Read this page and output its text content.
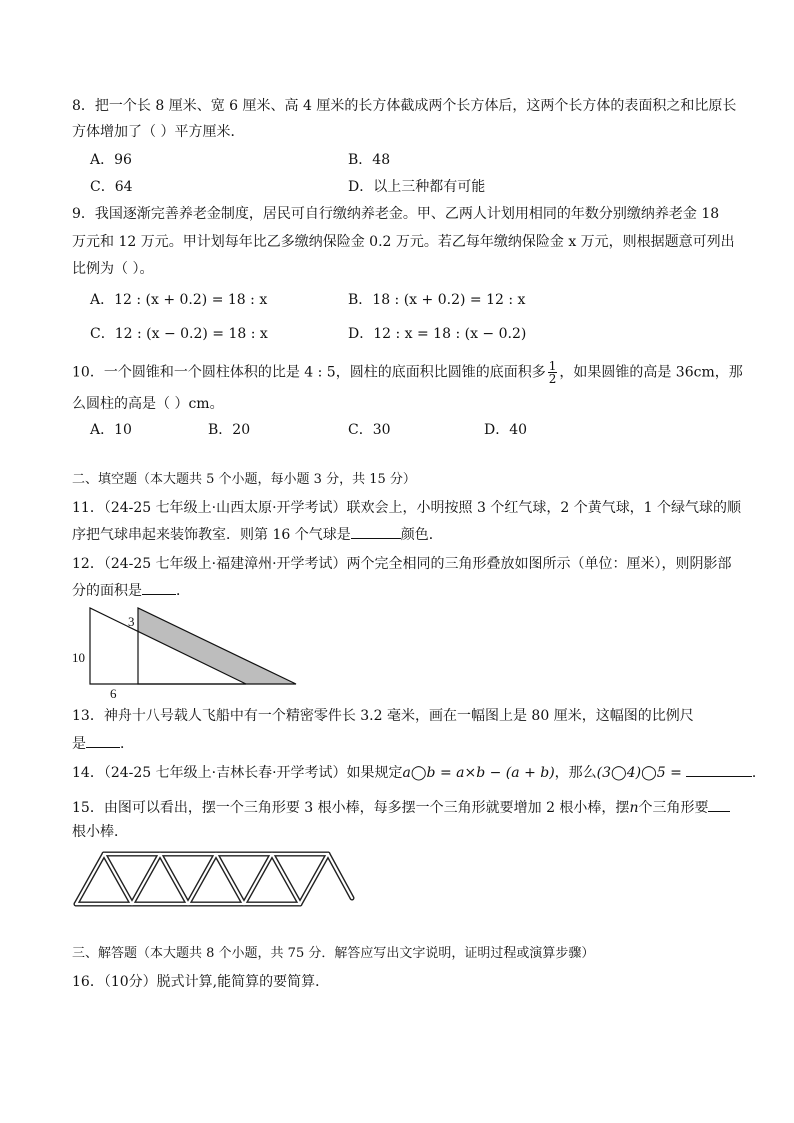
8．把一个长 8 厘米、宽 6 厘米、高 4 厘米的长方体截成两个长方体后，这两个长方体的表面积之和比原长
方体增加了（ ）平方厘米．
A．96	B．48
C．64	D．以上三种都有可能
9．我国逐渐完善养老金制度，居民可自行缴纳养老金。甲、乙两人计划用相同的年数分别缴纳养老金 18
万元和 12 万元。甲计划每年比乙多缴纳保险金 0.2 万元。若乙每年缴纳保险金 x 万元，则根据题意可列出
比例为（ ）。
A．12 : (x + 0.2) = 18 : x	B．18 : (x + 0.2) = 12 : x
C．12 : (x − 0.2) = 18 : x	D．12 : x = 18 : (x − 0.2)
10．一个圆锥和一个圆柱体积的比是 4 : 5，圆柱的底面积比圆锥的底面积多 $\frac{1}{2}$ ，如果圆锥的高是 36cm，那
么圆柱的高是（ ）cm。
A．10	B．20	C．30	D．40
二、填空题（本大题共 5 个小题，每小题 3 分，共 15 分）
11．（24-25 七年级上·山西太原·开学考试）联欢会上，小明按照 3 个红气球，2 个黄气球，1 个绿气球的顺
序把气球串起来装饰教室．则第 16 个气球是	颜色．
12．（24-25 七年级上·福建漳州·开学考试）两个完全相同的三角形叠放如图所示（单位：厘米），则阴影部
分的面积是 ．
3
10
6
13．神舟十八号载人飞船中有一个精密零件长 3.2 毫米，画在一幅图上是 80 厘米，这幅图的比例尺
是 ．
14．（24-25 七年级上·吉林长春·开学考试）如果规定a◯b = a×b − (a + b)，那么(3◯4)◯5 =	．
15．由图可以看出，摆一个三角形要 3 根小棒，每多摆一个三角形就要增加 2 根小棒，摆n个三角形要
根小棒．
三、解答题（本大题共 8 个小题，共 75 分．解答应写出文字说明，证明过程或演算步骤）
16．（10分）脱式计算,能简算的要简算．
